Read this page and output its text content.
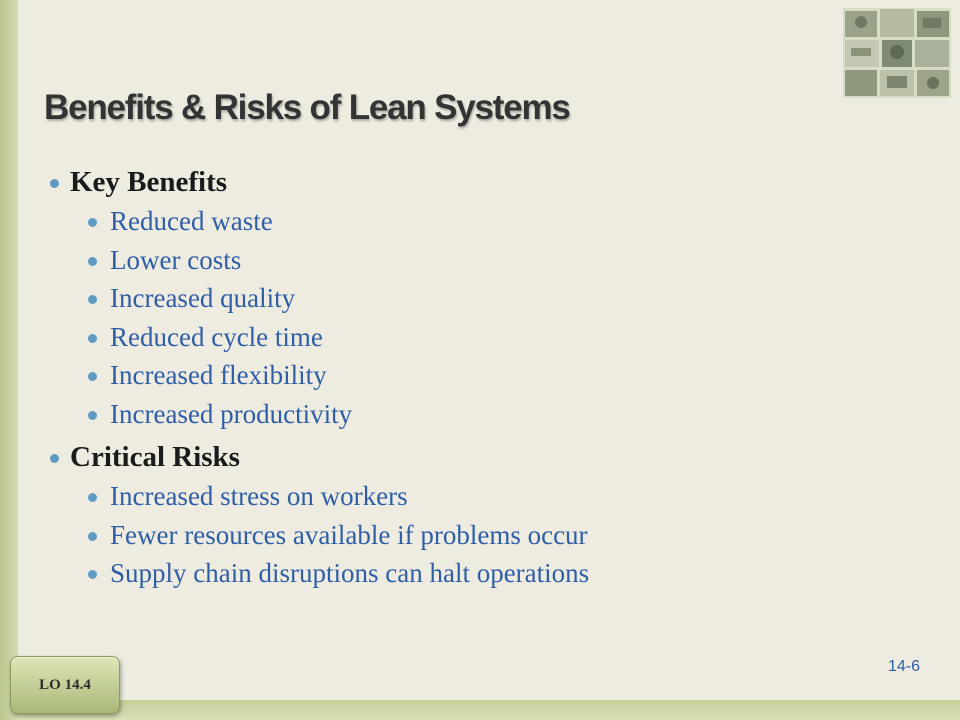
Benefits & Risks of Lean Systems
Key Benefits
Reduced waste
Lower costs
Increased quality
Reduced cycle time
Increased flexibility
Increased productivity
Critical Risks
Increased stress on workers
Fewer resources available if problems occur
Supply chain disruptions can halt operations
LO 14.4
14-6
